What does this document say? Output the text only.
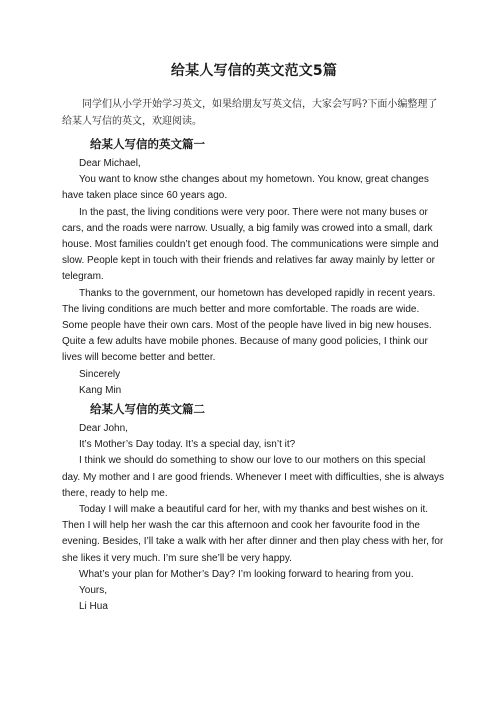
给某人写信的英文范文5篇

同学们从小学开始学习英文，如果给朋友写英文信，大家会写吗?下面小编整理了给某人写信的英文，欢迎阅读。

给某人写信的英文篇一

Dear Michael,

You want to know sthe changes about my hometown. You know, great changes have taken place since 60 years ago.

In the past, the living conditions were very poor. There were not many buses or cars, and the roads were narrow. Usually, a big family was crowed into a small, dark house. Most families couldn’t get enough food. The communications were simple and slow. People kept in touch with their friends and relatives far away mainly by letter or telegram.

Thanks to the government, our hometown has developed rapidly in recent years. The living conditions are much better and more comfortable. The roads are wide. Some people have their own cars. Most of the people have lived in big new houses. Quite a few adults have mobile phones. Because of many good policies, I think our lives will become better and better.

Sincerely

Kang Min

给某人写信的英文篇二

Dear John,

It’s Mother’s Day today. It’s a special day, isn’t it?

I think we should do something to show our love to our mothers on this special day. My mother and I are good friends. Whenever I meet with difficulties, she is always there, ready to help me.

Today I will make a beautiful card for her, with my thanks and best wishes on it. Then I will help her wash the car this afternoon and cook her favourite food in the evening. Besides, I’ll take a walk with her after dinner and then play chess with her, for she likes it very much. I’m sure she’ll be very happy.

What’s your plan for Mother’s Day? I’m looking forward to hearing from you.

Yours,

Li Hua
